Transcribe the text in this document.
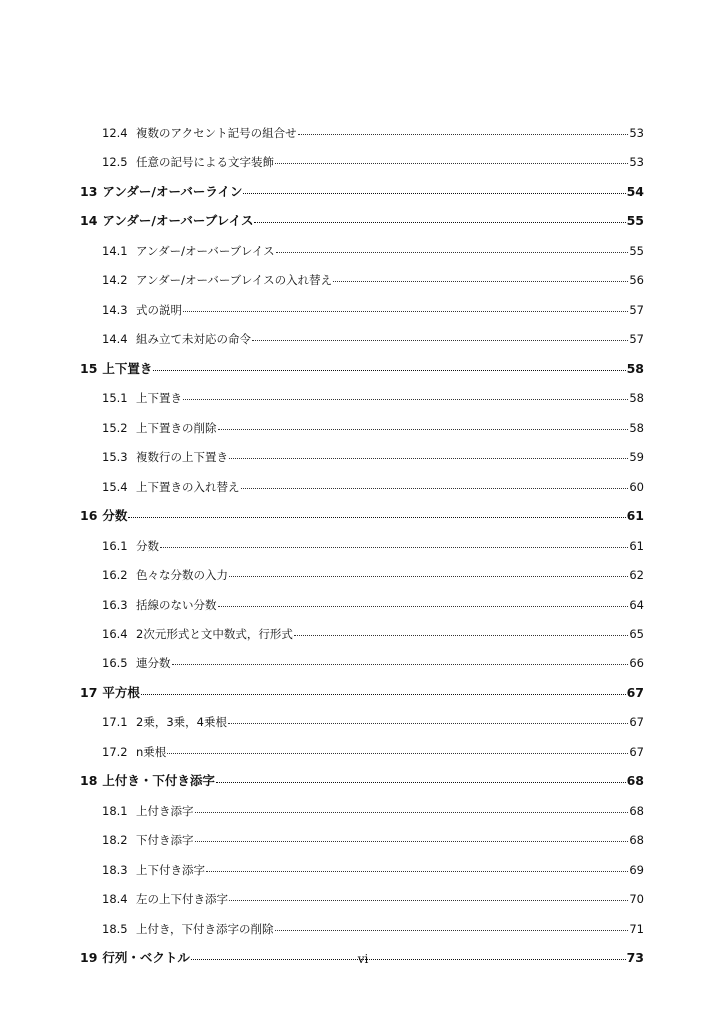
12.4 複数のアクセント記号の組合せ	53
12.5 任意の記号による文字装飾	53
13 アンダー/オーバーライン	54
14 アンダー/オーバーブレイス	55
14.1 アンダー/オーバーブレイス	55
14.2 アンダー/オーバーブレイスの入れ替え	56
14.3 式の説明	57
14.4 組み立て未対応の命令	57
15 上下置き	58
15.1 上下置き	58
15.2 上下置きの削除	58
15.3 複数行の上下置き	59
15.4 上下置きの入れ替え	60
16 分数	61
16.1 分数	61
16.2 色々な分数の入力	62
16.3 括線のない分数	64
16.4 2次元形式と文中数式，行形式	65
16.5 連分数	66
17 平方根	67
17.1 2乗，3乗，4乗根	67
17.2 n乗根	67
18 上付き・下付き添字	68
18.1 上付き添字	68
18.2 下付き添字	68
18.3 上下付き添字	69
18.4 左の上下付き添字	70
18.5 上付き，下付き添字の削除	71
19 行列・ベクトル	73
vi
